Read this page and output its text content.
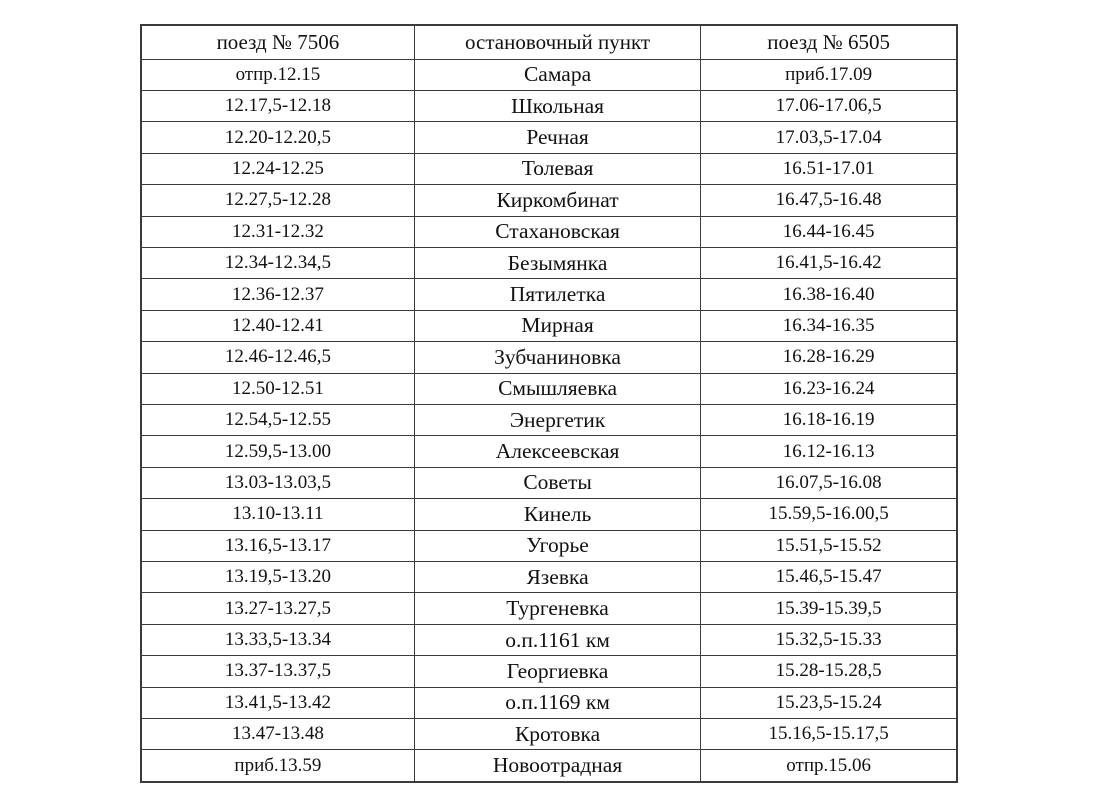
поезд № 7506	остановочный пункт	поезд № 6505
отпр.12.15	Самара	приб.17.09
12.17,5-12.18	Школьная	17.06-17.06,5
12.20-12.20,5	Речная	17.03,5-17.04
12.24-12.25	Толевая	16.51-17.01
12.27,5-12.28	Киркомбинат	16.47,5-16.48
12.31-12.32	Стахановская	16.44-16.45
12.34-12.34,5	Безымянка	16.41,5-16.42
12.36-12.37	Пятилетка	16.38-16.40
12.40-12.41	Мирная	16.34-16.35
12.46-12.46,5	Зубчаниновка	16.28-16.29
12.50-12.51	Смышляевка	16.23-16.24
12.54,5-12.55	Энергетик	16.18-16.19
12.59,5-13.00	Алексеевская	16.12-16.13
13.03-13.03,5	Советы	16.07,5-16.08
13.10-13.11	Кинель	15.59,5-16.00,5
13.16,5-13.17	Угорье	15.51,5-15.52
13.19,5-13.20	Язевка	15.46,5-15.47
13.27-13.27,5	Тургеневка	15.39-15.39,5
13.33,5-13.34	о.п.1161 км	15.32,5-15.33
13.37-13.37,5	Георгиевка	15.28-15.28,5
13.41,5-13.42	о.п.1169 км	15.23,5-15.24
13.47-13.48	Кротовка	15.16,5-15.17,5
приб.13.59	Новоотрадная	отпр.15.06
